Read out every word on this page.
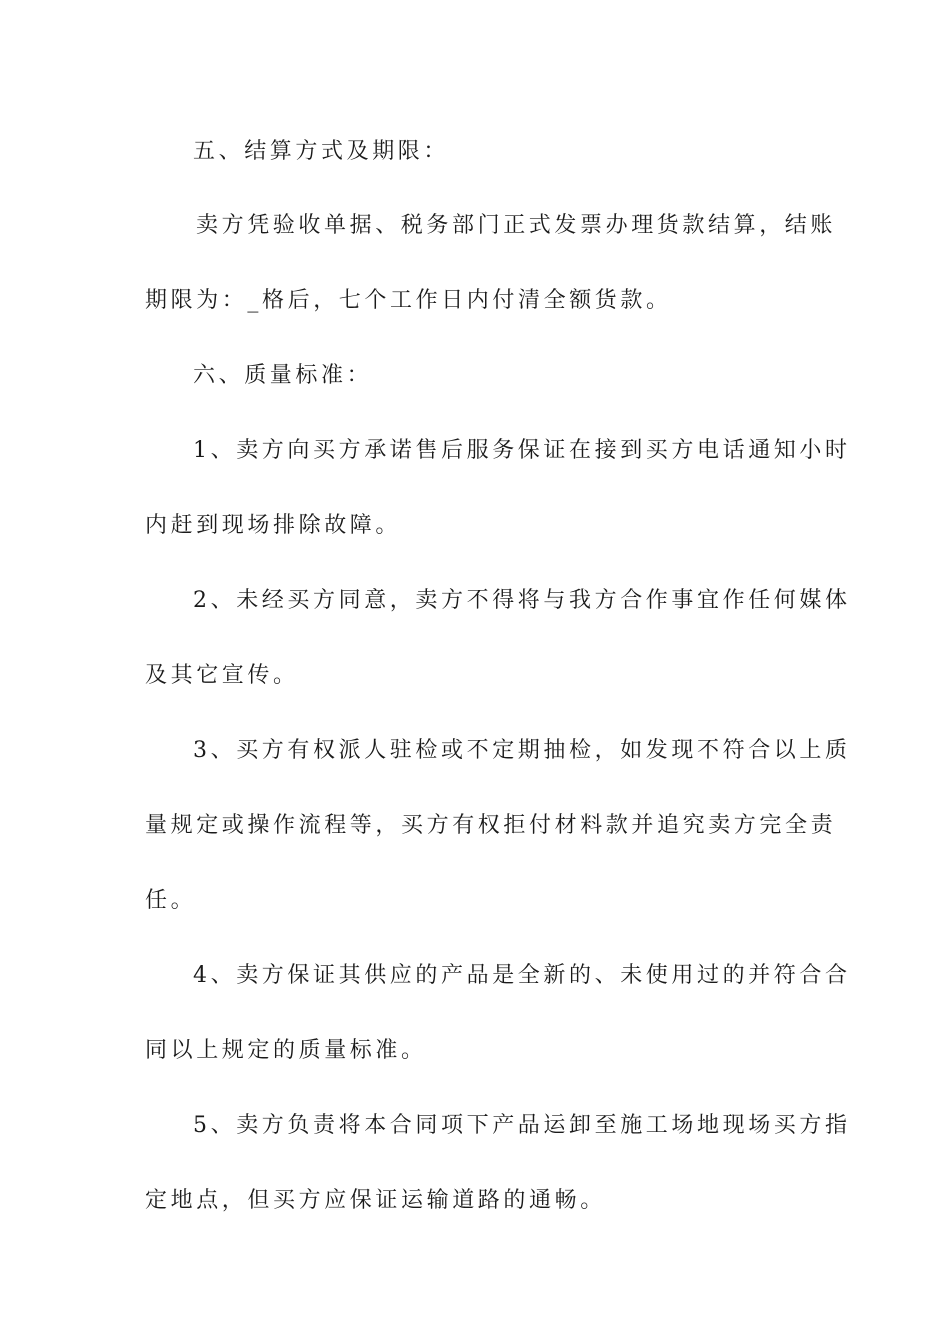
五、结算方式及期限：
卖方凭验收单据、税务部门正式发票办理货款结算，结账
期限为：_格后，七个工作日内付清全额货款。
六、质量标准：
1、卖方向买方承诺售后服务保证在接到买方电话通知小时
内赶到现场排除故障。
2、未经买方同意，卖方不得将与我方合作事宜作任何媒体
及其它宣传。
3、买方有权派人驻检或不定期抽检，如发现不符合以上质
量规定或操作流程等，买方有权拒付材料款并追究卖方完全责
任。
4、卖方保证其供应的产品是全新的、未使用过的并符合合
同以上规定的质量标准。
5、卖方负责将本合同项下产品运卸至施工场地现场买方指
定地点，但买方应保证运输道路的通畅。
